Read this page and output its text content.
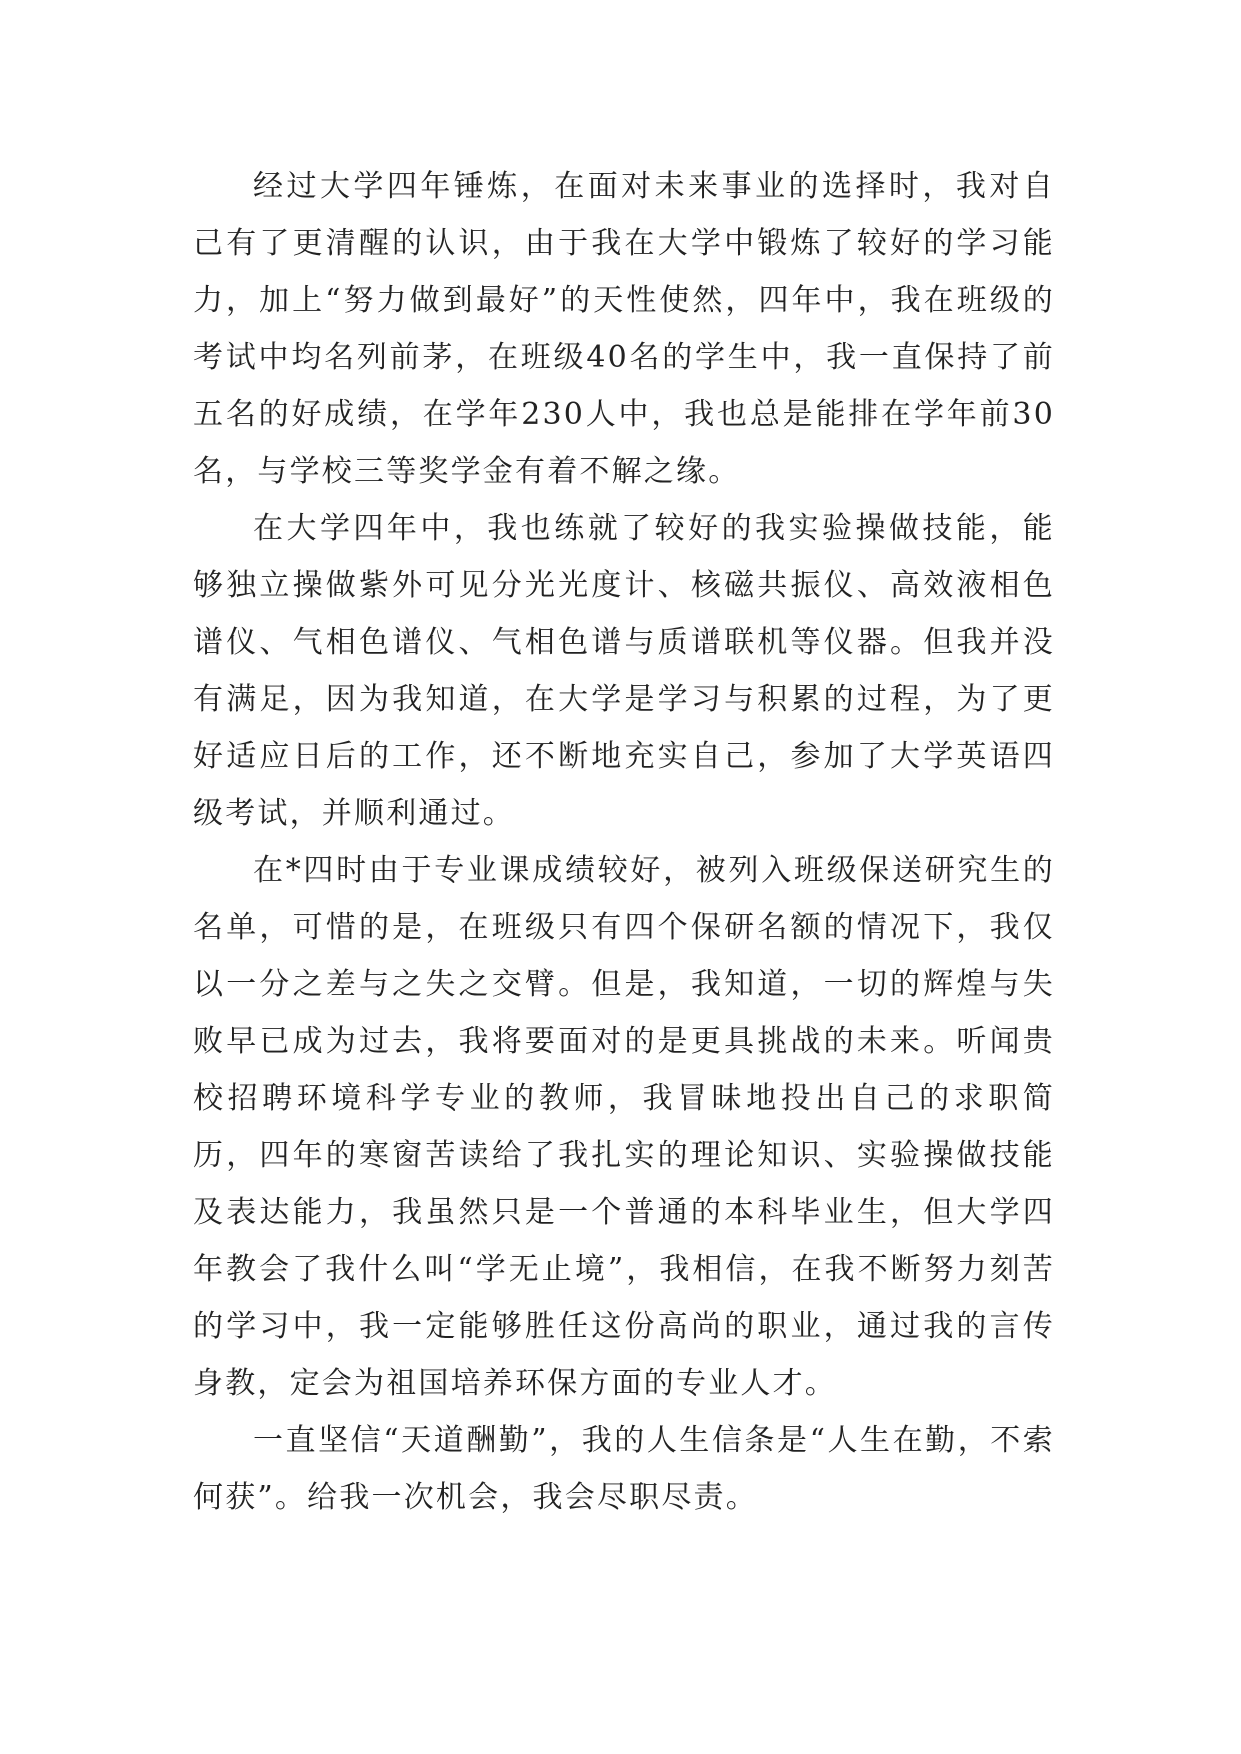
经过大学四年锤炼，在面对未来事业的选择时，我对自己有了更清醒的认识，由于我在大学中锻炼了较好的学习能力，加上“努力做到最好”的天性使然，四年中，我在班级的考试中均名列前茅，在班级40名的学生中，我一直保持了前五名的好成绩，在学年230人中，我也总是能排在学年前30名，与学校三等奖学金有着不解之缘。

在大学四年中，我也练就了较好的我实验操做技能，能够独立操做紫外可见分光光度计、核磁共振仪、高效液相色谱仪、气相色谱仪、气相色谱与质谱联机等仪器。但我并没有满足，因为我知道，在大学是学习与积累的过程，为了更好适应日后的工作，还不断地充实自己，参加了大学英语四级考试，并顺利通过。

在*四时由于专业课成绩较好，被列入班级保送研究生的名单，可惜的是，在班级只有四个保研名额的情况下，我仅以一分之差与之失之交臂。但是，我知道，一切的辉煌与失败早已成为过去，我将要面对的是更具挑战的未来。听闻贵校招聘环境科学专业的教师，我冒昧地投出自己的求职简历，四年的寒窗苦读给了我扎实的理论知识、实验操做技能及表达能力，我虽然只是一个普通的本科毕业生，但大学四年教会了我什么叫“学无止境”，我相信，在我不断努力刻苦的学习中，我一定能够胜任这份高尚的职业，通过我的言传身教，定会为祖国培养环保方面的专业人才。

一直坚信“天道酬勤”，我的人生信条是“人生在勤，不索何获”。给我一次机会，我会尽职尽责。
